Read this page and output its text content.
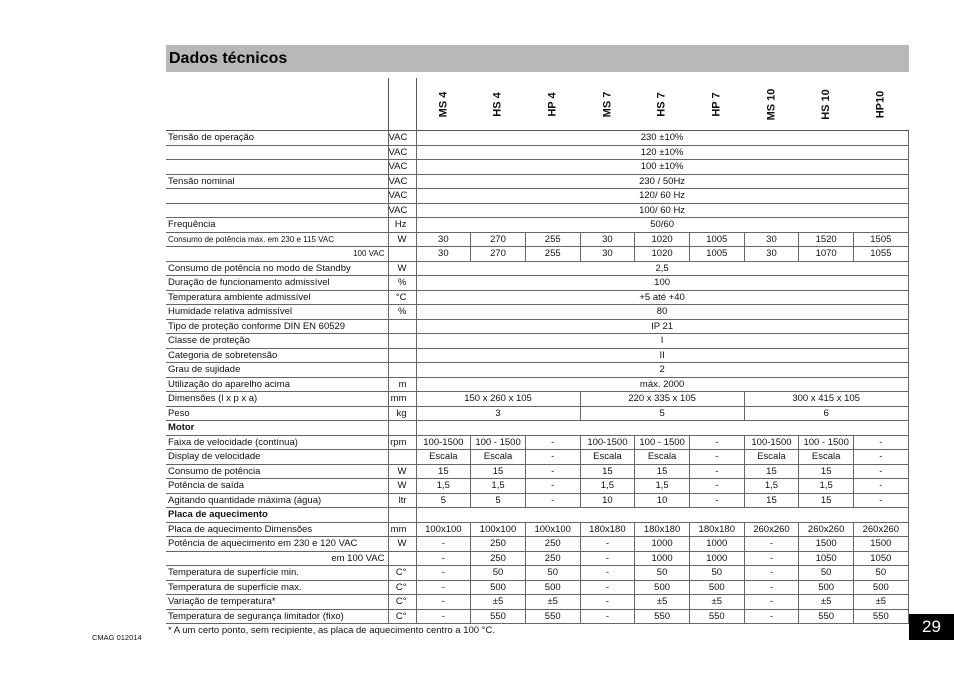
Dados técnicos
		MS 4	HS 4	HP 4	MS 7	HS 7	HP 7	MS 10	HS 10	HP10
Tensão de operação	VAC	230 ±10%								
	VAC	120 ±10%								
	VAC	100 ±10%								
Tensão nominal	VAC	230 / 50Hz								
	VAC	120/ 60 Hz								
	VAC	100/ 60 Hz								
Frequência	Hz	50/60								
Consumo de potência max. em 230 e 115 VAC	W	30	270	255	30	1020	1005	30	1520	1505
100 VAC		30	270	255	30	1020	1005	30	1070	1055
Consumo de potência no modo de Standby	W	2,5								
Duração de funcionamento admissível	%	100								
Temperatura ambiente admissível	°C	+5 até +40								
Humidade relativa admissível	%	80								
Tipo de proteção conforme DIN EN 60529		IP 21								
Classe de proteção		I								
Categoria de sobretensão		II								
Grau de sujidade		2								
Utilização do aparelho acima	m	máx. 2000								
Dimensões (l x p x a)	mm	150 x 260 x 105			220 x 335 x 105			300 x 415 x 105		
Peso	kg	3			5			6		
Motor										
Faixa de velocidade (contínua)	rpm	100-1500	100 - 1500	-	100-1500	100 - 1500	-	100-1500	100 - 1500	-
Display de velocidade		Escala	Escala	-	Escala	Escala	-	Escala	Escala	-
Consumo de potência	W	15	15	-	15	15	-	15	15	-
Potência de saída	W	1,5	1,5	-	1,5	1,5	-	1,5	1,5	-
Agitando quantidade máxima (água)	ltr	5	5	-	10	10	-	15	15	-
Placa de aquecimento										
Placa de aquecimento Dimensões	mm	100x100	100x100	100x100	180x180	180x180	180x180	260x260	260x260	260x260
Potência de aquecimento em 230 e 120 VAC	W	-	250	250	-	1000	1000	-	1500	1500
em 100 VAC		-	250	250	-	1000	1000	-	1050	1050
Temperatura de superfície min.	C°	-	50	50	-	50	50	-	50	50
Temperatura de superfície max.	C°	-	500	500	-	500	500	-	500	500
Variação de temperatura*	C°	-	±5	±5	-	±5	±5	-	±5	±5
Temperatura de segurança limitador (fixo)	C°	-	550	550	-	550	550	-	550	550
* A um certo ponto, sem recipiente, as placa de aquecimento centro a 100 °C.
CMAG 012014
29
